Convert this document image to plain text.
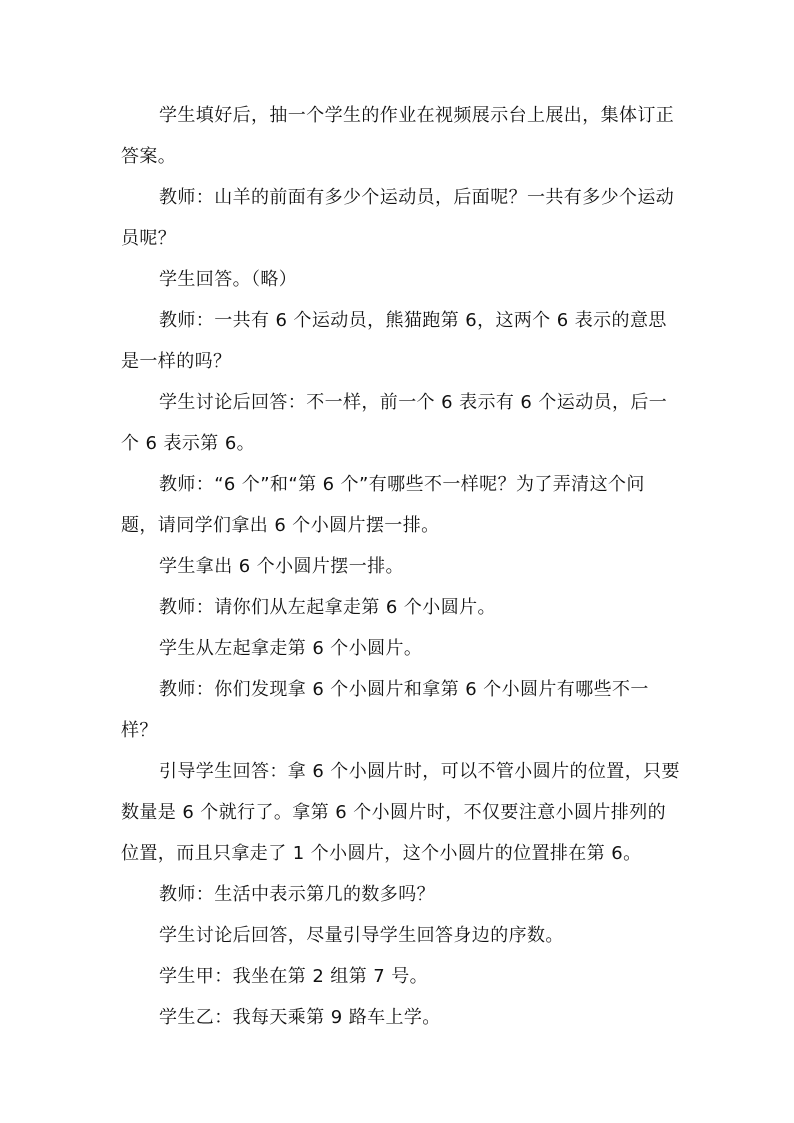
学生填好后，抽一个学生的作业在视频展示台上展出，集体订正答案。

教师：山羊的前面有多少个运动员，后面呢？一共有多少个运动员呢？

学生回答。（略）

教师：一共有 6 个运动员，熊猫跑第 6，这两个 6 表示的意思是一样的吗？

学生讨论后回答：不一样，前一个 6 表示有 6 个运动员，后一个 6 表示第 6。

教师：“6 个”和“第 6 个”有哪些不一样呢？为了弄清这个问题，请同学们拿出 6 个小圆片摆一排。

学生拿出 6 个小圆片摆一排。

教师：请你们从左起拿走第 6 个小圆片。

学生从左起拿走第 6 个小圆片。

教师：你们发现拿 6 个小圆片和拿第 6 个小圆片有哪些不一样？

引导学生回答：拿 6 个小圆片时，可以不管小圆片的位置，只要数量是 6 个就行了。拿第 6 个小圆片时，不仅要注意小圆片排列的位置，而且只拿走了 1 个小圆片，这个小圆片的位置排在第 6。

教师：生活中表示第几的数多吗？

学生讨论后回答，尽量引导学生回答身边的序数。

学生甲：我坐在第 2 组第 7 号。

学生乙：我每天乘第 9 路车上学。
